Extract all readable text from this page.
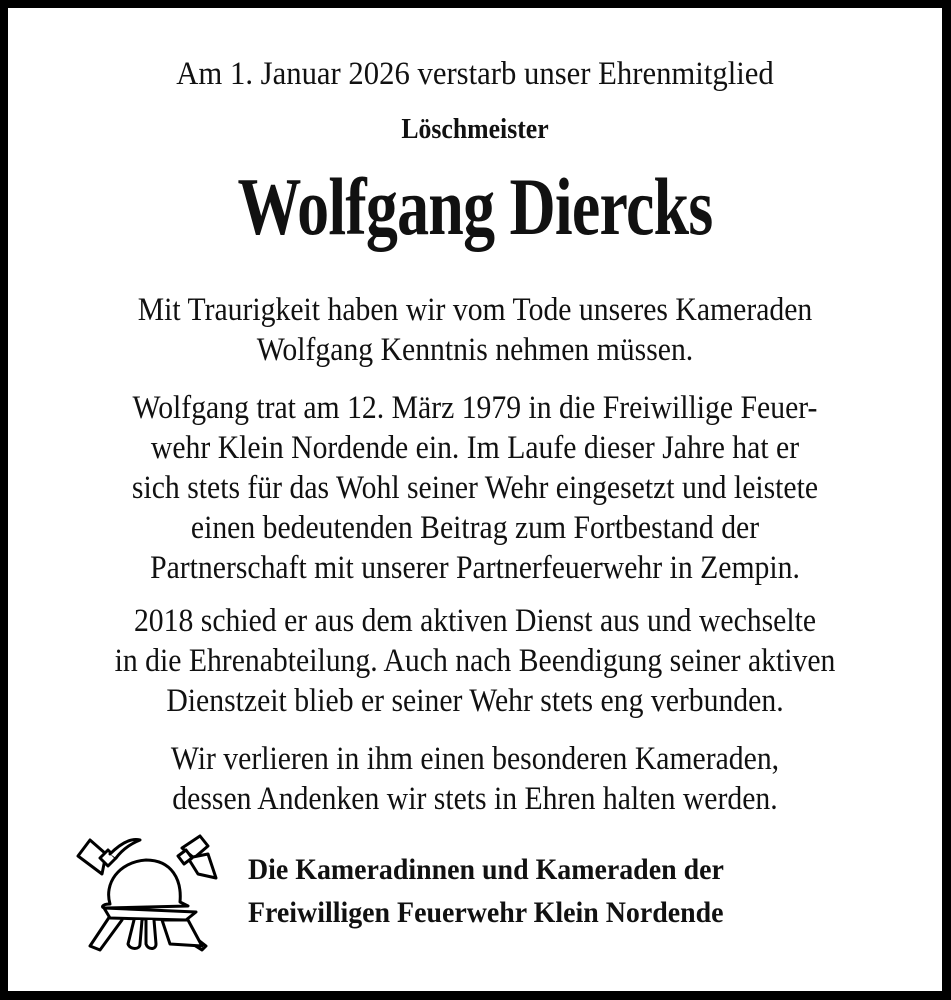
Am 1. Januar 2026 verstarb unser Ehrenmitglied
Löschmeister
Wolfgang Diercks
Mit Traurigkeit haben wir vom Tode unseres Kameraden
Wolfgang Kenntnis nehmen müssen.
Wolfgang trat am 12. März 1979 in die Freiwillige Feuer-
wehr Klein Nordende ein. Im Laufe dieser Jahre hat er
sich stets für das Wohl seiner Wehr eingesetzt und leistete
einen bedeutenden Beitrag zum Fortbestand der
Partnerschaft mit unserer Partnerfeuerwehr in Zempin.
2018 schied er aus dem aktiven Dienst aus und wechselte
in die Ehrenabteilung. Auch nach Beendigung seiner aktiven
Dienstzeit blieb er seiner Wehr stets eng verbunden.
Wir verlieren in ihm einen besonderen Kameraden,
dessen Andenken wir stets in Ehren halten werden.
Die Kameradinnen und Kameraden der
Freiwilligen Feuerwehr Klein Nordende
